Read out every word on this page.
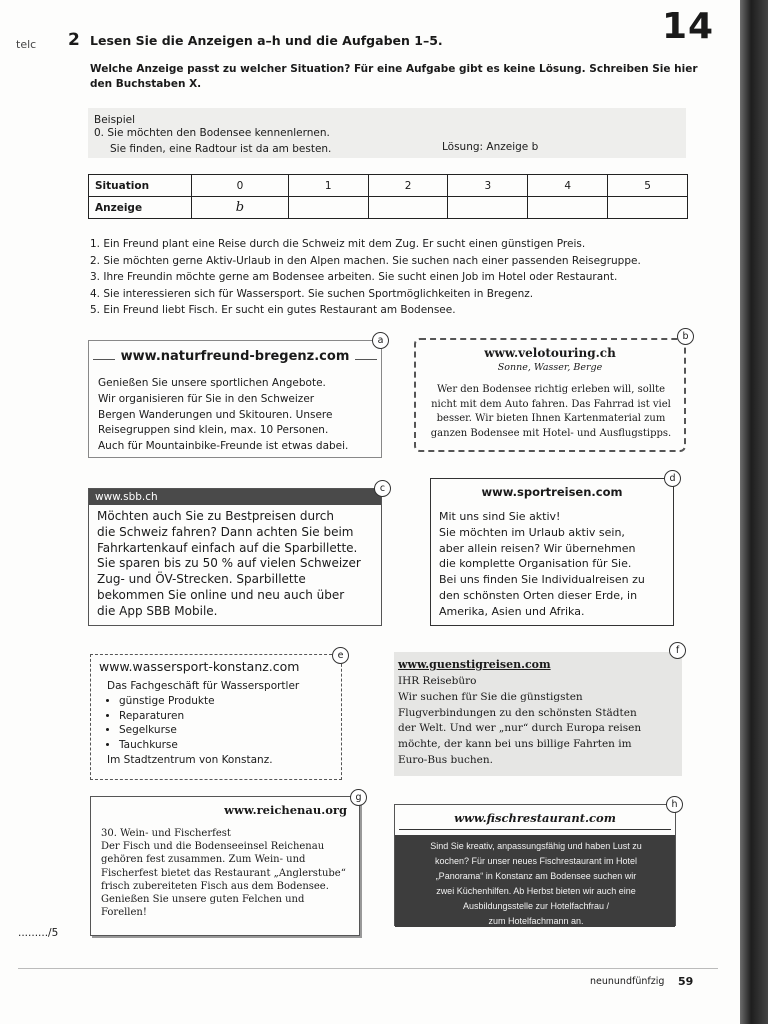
telc 2 Lesen Sie die Anzeigen a–h und die Aufgaben 1–5.	14
Welche Anzeige passt zu welcher Situation? Für eine Aufgabe gibt es keine Lösung. Schreiben Sie hier den Buchstaben X.
Beispiel
0. Sie möchten den Bodensee kennenlernen.
Sie finden, eine Radtour ist da am besten.	Lösung: Anzeige b
Situation	0	1	2	3	4	5
Anzeige	b					
1. Ein Freund plant eine Reise durch die Schweiz mit dem Zug. Er sucht einen günstigen Preis.
2. Sie möchten gerne Aktiv-Urlaub in den Alpen machen. Sie suchen nach einer passenden Reisegruppe.
3. Ihre Freundin möchte gerne am Bodensee arbeiten. Sie sucht einen Job im Hotel oder Restaurant.
4. Sie interessieren sich für Wassersport. Sie suchen Sportmöglichkeiten in Bregenz.
5. Ein Freund liebt Fisch. Er sucht ein gutes Restaurant am Bodensee.
www.naturfreund-bregenz.com
Genießen Sie unsere sportlichen Angebote.
Wir organisieren für Sie in den Schweizer
Bergen Wanderungen und Skitouren. Unsere
Reisegruppen sind klein, max. 10 Personen.
Auch für Mountainbike-Freunde ist etwas dabei.
a
www.velotouring.ch
Sonne, Wasser, Berge
Wer den Bodensee richtig erleben will, sollte
nicht mit dem Auto fahren. Das Fahrrad ist viel
besser. Wir bieten Ihnen Kartenmaterial zum
ganzen Bodensee mit Hotel- und Ausflugstipps.
b
www.sbb.ch
Möchten auch Sie zu Bestpreisen durch
die Schweiz fahren? Dann achten Sie beim
Fahrkartenkauf einfach auf die Sparbillette.
Sie sparen bis zu 50 % auf vielen Schweizer
Zug- und ÖV-Strecken. Sparbillette
bekommen Sie online und neu auch über
die App SBB Mobile.
c	www.sportreisen.com
Mit uns sind Sie aktiv!
Sie möchten im Urlaub aktiv sein,
aber allein reisen? Wir übernehmen
die komplette Organisation für Sie.
Bei uns finden Sie Individualreisen zu
den schönsten Orten dieser Erde, in
Amerika, Asien und Afrika.
d
www.wassersport-konstanz.com
Das Fachgeschäft für Wassersportler
• günstige Produkte
• Reparaturen
• Segelkurse
• Tauchkurse
Im Stadtzentrum von Konstanz.
e
www.guenstigreisen.com
IHR Reisebüro
Wir suchen für Sie die günstigsten
Flugverbindungen zu den schönsten Städten
der Welt. Und wer „nur“ durch Europa reisen
möchte, der kann bei uns billige Fahrten im
Euro-Bus buchen.
f
www.reichenau.org
30. Wein- und Fischerfest
Der Fisch und die Bodenseeinsel Reichenau
gehören fest zusammen. Zum Wein- und
Fischerfest bietet das Restaurant „Anglerstube“
frisch zubereiteten Fisch aus dem Bodensee.
Genießen Sie unsere guten Felchen und
Forellen!
g
www.fischrestaurant.com
Sind Sie kreativ, anpassungsfähig und haben Lust zu
kochen? Für unser neues Fischrestaurant im Hotel
„Panorama“ in Konstanz am Bodensee suchen wir
zwei Küchenhilfen. Ab Herbst bieten wir auch eine
Ausbildungsstelle zur Hotelfachfrau /
zum Hotelfachmann an.
h
........./5
neunundfünfzig 59
